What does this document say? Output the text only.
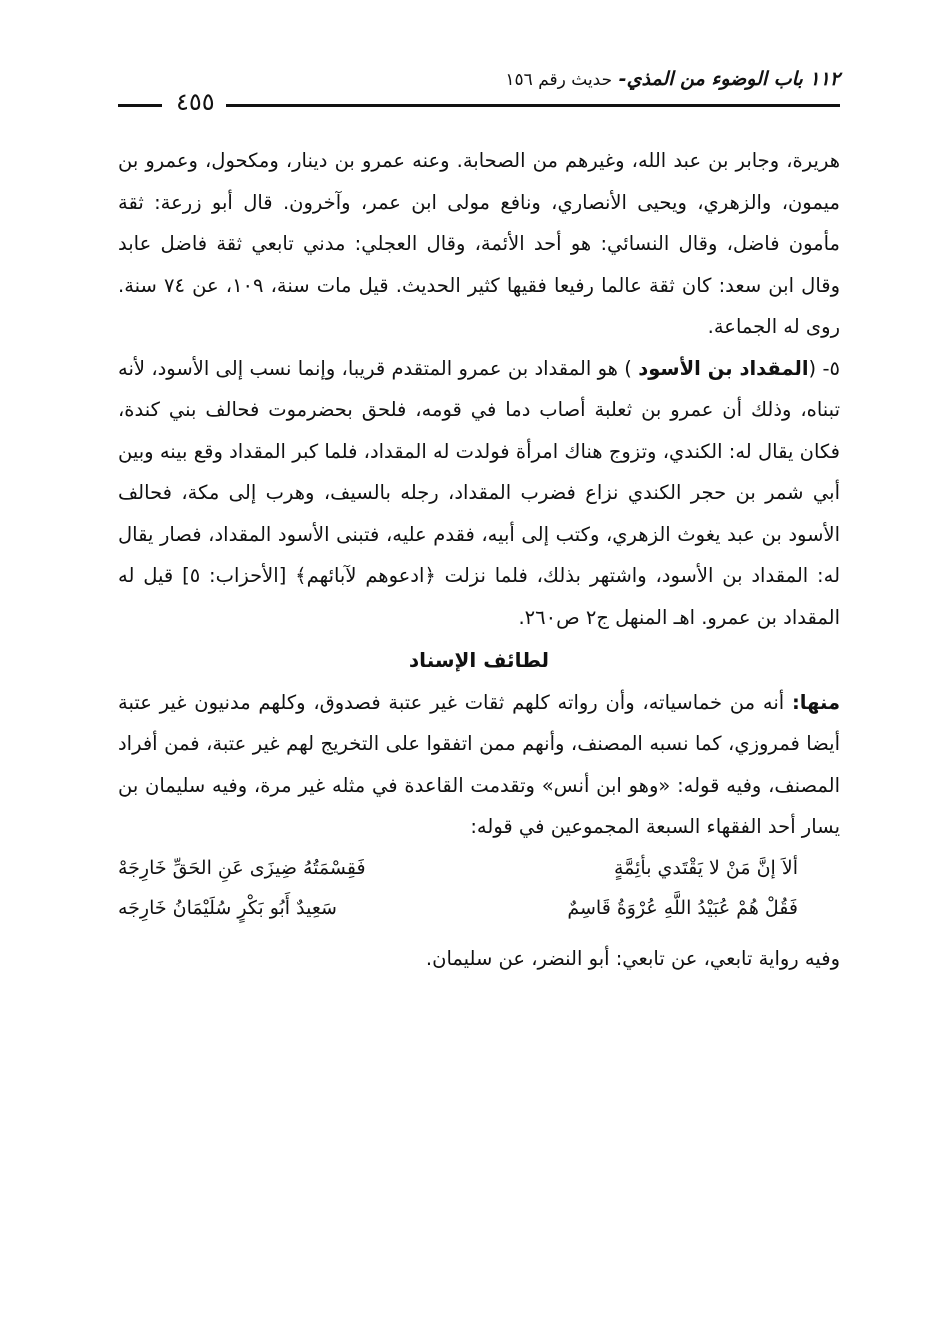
١١٢ باب الوضوء من المذي- حديث رقم ١٥٦
٤٥٥

هريرة، وجابر بن عبد الله، وغيرهم من الصحابة. وعنه عمرو بن دينار، ومكحول، وعمرو بن ميمون، والزهري، ويحيى الأنصاري، ونافع مولى ابن عمر، وآخرون. قال أبو زرعة: ثقة مأمون فاضل، وقال النسائي: هو أحد الأئمة، وقال العجلي: مدني تابعي ثقة فاضل عابد وقال ابن سعد: كان ثقة عالما رفيعا فقيها كثير الحديث. قيل مات سنة، ١٠٩، عن ٧٤ سنة. روى له الجماعة.

٥- (المقداد بن الأسود ) هو المقداد بن عمرو المتقدم قريبا، وإنما نسب إلى الأسود، لأنه تبناه، وذلك أن عمرو بن ثعلبة أصاب دما في قومه، فلحق بحضرموت فحالف بني كندة، فكان يقال له: الكندي، وتزوج هناك امرأة فولدت له المقداد، فلما كبر المقداد وقع بينه وبين أبي شمر بن حجر الكندي نزاع فضرب المقداد، رجله بالسيف، وهرب إلى مكة، فحالف الأسود بن عبد يغوث الزهري، وكتب إلى أبيه، فقدم عليه، فتبنى الأسود المقداد، فصار يقال له: المقداد بن الأسود، واشتهر بذلك، فلما نزلت ﴿ادعوهم لآبائهم﴾ [الأحزاب: ٥] قيل له المقداد بن عمرو. اهـ المنهل ج٢ ص٢٦٠.

لطائف الإسناد

منها: أنه من خماسياته، وأن رواته كلهم ثقات غير عتبة فصدوق، وكلهم مدنيون غير عتبة أيضا فمروزي، كما نسبه المصنف، وأنهم ممن اتفقوا على التخريج لهم غير عتبة، فمن أفراد المصنف، وفيه قوله: «وهو ابن أنس» وتقدمت القاعدة في مثله غير مرة، وفيه سليمان بن يسار أحد الفقهاء السبعة المجموعين في قوله:

ألاَ إنَّ مَنْ لا يَقْتَدي بأئِمَّةٍ
فَقِسْمَتُهُ ضِيزَى عَنِ الحَقِّ خَارِجَهْ
فَقُلْ هُمْ عُبَيْدُ اللَّهِ عُرْوَةُ قَاسِمٌ
سَعِيدٌ أَبُو بَكْرٍ سُلَيْمَانُ خَارِجَه

وفيه رواية تابعي، عن تابعي: أبو النضر، عن سليمان.
